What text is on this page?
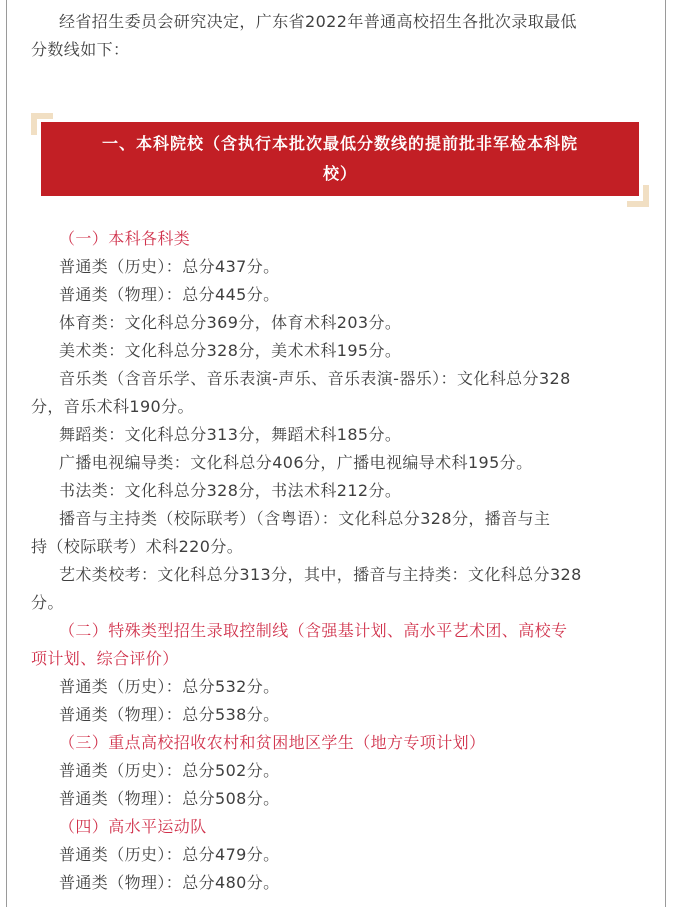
经省招生委员会研究决定，广东省2022年普通高校招生各批次录取最低

分数线如下：

一、本科院校（含执行本批次最低分数线的提前批非军检本科院
校）

（一）本科各科类

普通类（历史）：总分437分。

普通类（物理）：总分445分。

体育类：文化科总分369分，体育术科203分。

美术类：文化科总分328分，美术术科195分。

音乐类（含音乐学、音乐表演-声乐、音乐表演-器乐）：文化科总分328

分，音乐术科190分。

舞蹈类：文化科总分313分，舞蹈术科185分。

广播电视编导类：文化科总分406分，广播电视编导术科195分。

书法类：文化科总分328分，书法术科212分。

播音与主持类（校际联考）（含粤语）：文化科总分328分，播音与主

持（校际联考）术科220分。

艺术类校考：文化科总分313分，其中，播音与主持类：文化科总分328

分。

（二）特殊类型招生录取控制线（含强基计划、高水平艺术团、高校专

项计划、综合评价）

普通类（历史）：总分532分。

普通类（物理）：总分538分。

（三）重点高校招收农村和贫困地区学生（地方专项计划）

普通类（历史）：总分502分。

普通类（物理）：总分508分。

（四）高水平运动队

普通类（历史）：总分479分。

普通类（物理）：总分480分。
